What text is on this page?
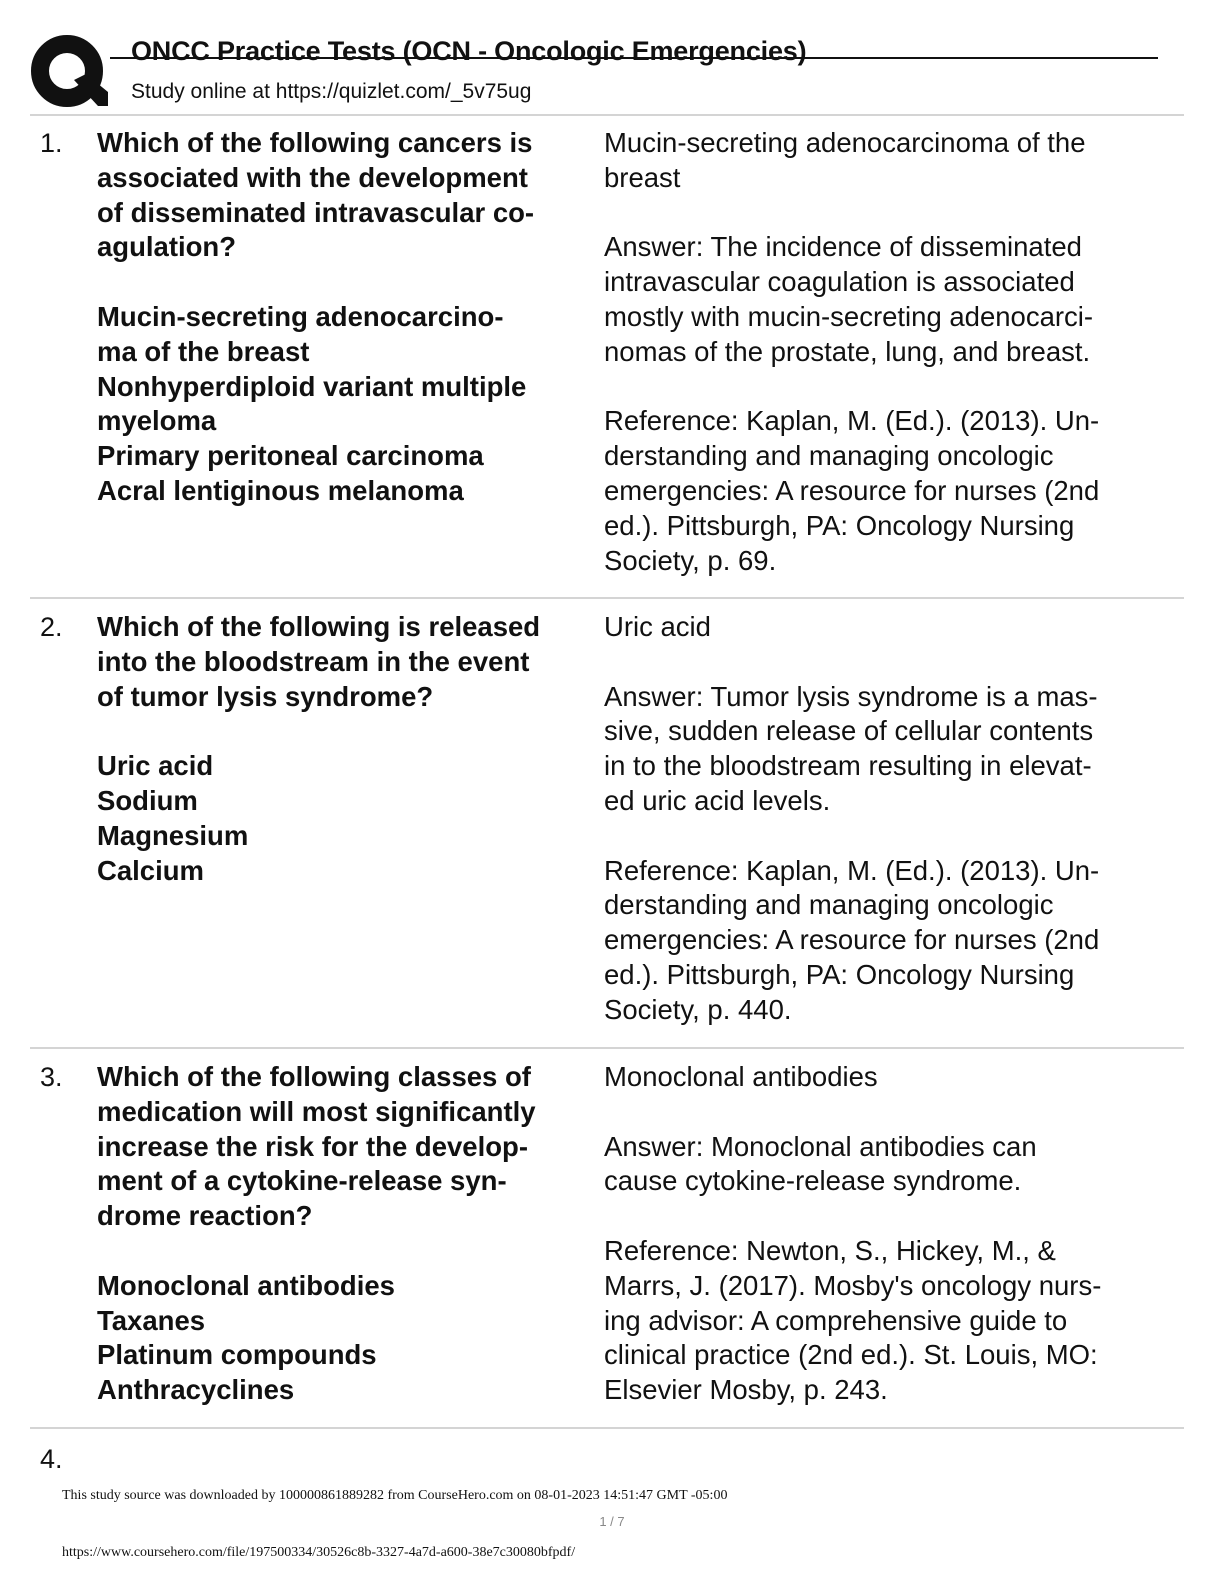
ONCC Practice Tests (OCN - Oncologic Emergencies)
Study online at https://quizlet.com/_5v75ug
1. Which of the following cancers is
associated with the development
of disseminated intravascular co-
agulation?
Mucin-secreting adenocarcino-
ma of the breast
Nonhyperdiploid variant multiple
myeloma
Primary peritoneal carcinoma
Acral lentiginous melanoma
Mucin-secreting adenocarcinoma of the
breast
Answer: The incidence of disseminated
intravascular coagulation is associated
mostly with mucin-secreting adenocarci-
nomas of the prostate, lung, and breast.
Reference: Kaplan, M. (Ed.). (2013). Un-
derstanding and managing oncologic
emergencies: A resource for nurses (2nd
ed.). Pittsburgh, PA: Oncology Nursing
Society, p. 69.
2. Which of the following is released
into the bloodstream in the event
of tumor lysis syndrome?
Uric acid
Sodium
Magnesium
Calcium
Uric acid
Answer: Tumor lysis syndrome is a mas-
sive, sudden release of cellular contents
in to the bloodstream resulting in elevat-
ed uric acid levels.
Reference: Kaplan, M. (Ed.). (2013). Un-
derstanding and managing oncologic
emergencies: A resource for nurses (2nd
ed.). Pittsburgh, PA: Oncology Nursing
Society, p. 440.
3. Which of the following classes of
medication will most significantly
increase the risk for the develop-
ment of a cytokine-release syn-
drome reaction?
Monoclonal antibodies
Taxanes
Platinum compounds
Anthracyclines
Monoclonal antibodies
Answer: Monoclonal antibodies can
cause cytokine-release syndrome.
Reference: Newton, S., Hickey, M., &
Marrs, J. (2017). Mosby's oncology nurs-
ing advisor: A comprehensive guide to
clinical practice (2nd ed.). St. Louis, MO:
Elsevier Mosby, p. 243.
4.
This study source was downloaded by 100000861889282 from CourseHero.com on 08-01-2023 14:51:47 GMT -05:00
1 / 7
https://www.coursehero.com/file/197500334/30526c8b-3327-4a7d-a600-38e7c30080bfpdf/
